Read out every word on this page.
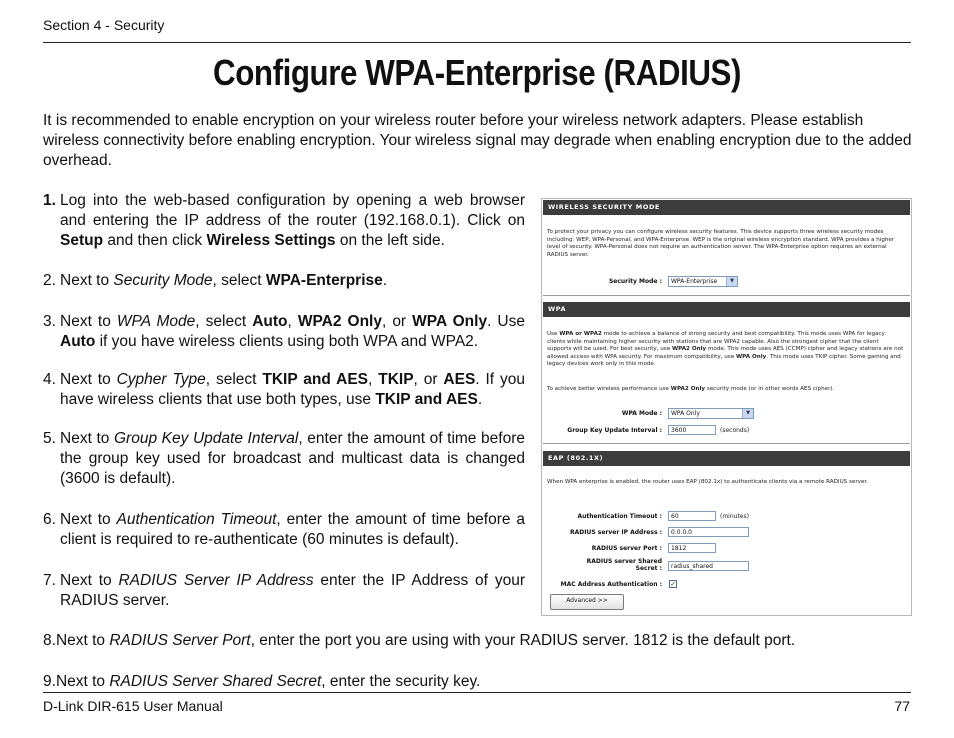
Section 4 - Security
Configure WPA-Enterprise (RADIUS)
It is recommended to enable encryption on your wireless router before your wireless network adapters. Please establish wireless connectivity before enabling encryption. Your wireless signal may degrade when enabling encryption due to the added overhead.
1. Log into the web-based configuration by opening a web browser and entering the IP address of the router (192.168.0.1). Click on Setup and then click Wireless Settings on the left side.
2. Next to Security Mode, select WPA-Enterprise.
3. Next to WPA Mode, select Auto, WPA2 Only, or WPA Only. Use Auto if you have wireless clients using both WPA and WPA2.
4. Next to Cypher Type, select TKIP and AES, TKIP, or AES. If you have wireless clients that use both types, use TKIP and AES.
5. Next to Group Key Update Interval, enter the amount of time before the group key used for broadcast and multicast data is changed (3600 is default).
6. Next to Authentication Timeout, enter the amount of time before a client is required to re-authenticate (60 minutes is default).
7. Next to RADIUS Server IP Address enter the IP Address of your RADIUS server.
8.Next to RADIUS Server Port, enter the port you are using with your RADIUS server. 1812 is the default port.
9.Next to RADIUS Server Shared Secret, enter the security key.
WIRELESS SECURITY MODE
To protect your privacy you can configure wireless security features. This device supports three wireless security modes including: WEP, WPA-Personal, and WPA-Enterprise. WEP is the original wireless encryption standard. WPA provides a higher level of security. WPA-Personal does not require an authentication server. The WPA-Enterprise option requires an external RADIUS server.
Security Mode :	WPA-Enterprise	▼
WPA
Use WPA or WPA2 mode to achieve a balance of strong security and best compatibility. This mode uses WPA for legacy clients while maintaining higher security with stations that are WPA2 capable. Also the strongest cipher that the client supports will be used. For best security, use WPA2 Only mode. This mode uses AES (CCMP) cipher and legacy stations are not allowed access with WPA security. For maximum compatibility, use WPA Only. This mode uses TKIP cipher. Some gaming and legacy devices work only in this mode.
To achieve better wireless performance use WPA2 Only security mode (or in other words AES cipher).
WPA Mode :	WPA Only	▼
Group Key Update Interval :	3600	(seconds)
EAP (802.1X)
When WPA enterprise is enabled, the router uses EAP (802.1x) to authenticate clients via a remote RADIUS server.
Authentication Timeout :	60	(minutes)
RADIUS server IP Address :	0.0.0.0
RADIUS server Port :	1812
RADIUS server Shared
Secret :	radius_shared
MAC Address Authentication : ✓
Advanced >>
D-Link DIR-615 User Manual	77
